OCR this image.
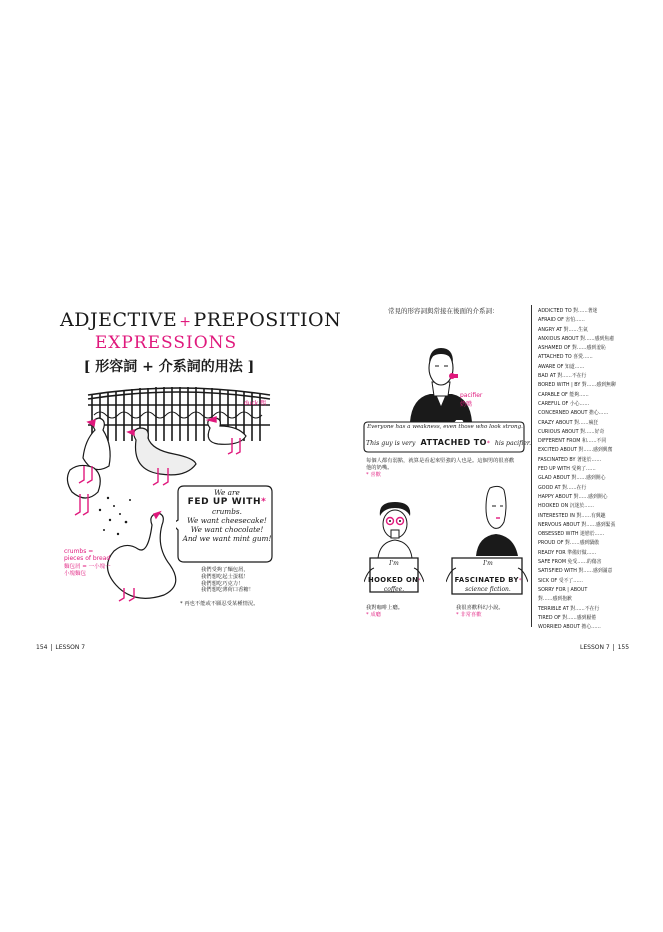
ADJECTIVE + PREPOSITION
EXPRESSIONS
[ 形容詞 + 介系詞的用法 ]
duck 鴨
crumbs = pieces of bread
麵包屑 = 一小塊一小塊麵包
We are
FED UP WITH*
crumbs.
We want cheesecake!
We want chocolate!
And we want mint gum!
我們受夠了麵包屑，
我們想吃起士蛋糕！
我們想吃巧克力！
我們想吃薄荷口香糖！
* 再也不能或不願忍受某種情況。
154 LESSON 7
常見的形容詞與常接在後面的介系詞：
pacifier 奶嘴
Everyone has a weakness, even those who look strong.
This guy is very ATTACHED TO* his pacifier.
每個人都有弱點，就算是看起來堅強的人也是。這個男的很喜歡
他的奶嘴。
* 喜歡
I'm
HOOKED ON*
coffee.
我對咖啡上癮。
* 成癮
I'm
FASCINATED BY*
science fiction.
我很喜歡科幻小說。
* 非常喜歡
ADDICTED TO 對……著迷
AFRAID OF 害怕……
ANGRY AT 對……生氣
ANXIOUS ABOUT 對……感到焦慮
ASHAMED OF 對……感到羞恥
ATTACHED TO 喜愛……
AWARE OF 知道……
BAD AT 對……不在行
BORED WITH | BY 對……感到無聊
CAPABLE OF 能夠……
CAREFUL OF 小心……
CONCERNED ABOUT 擔心……
CRAZY ABOUT 對……瘋狂
CURIOUS ABOUT 對……好奇
DIFFERENT FROM 和……不同
EXCITED ABOUT 對……感到興奮
FASCINATED BY 著迷於……
FED UP WITH 受夠了……
GLAD ABOUT 對……感到開心
GOOD AT 對……在行
HAPPY ABOUT 對……感到開心
HOOKED ON 沉迷於……
INTERESTED IN 對……有興趣
NERVOUS ABOUT 對……感到緊張
OBSESSED WITH 迷戀於……
PROUD OF 對……感到驕傲
READY FOR 準備好做……
SAFE FROM 免受……的傷害
SATISFIED WITH 對……感到滿意
SICK OF 受不了……
SORRY FOR | ABOUT
對……感到抱歉
TERRIBLE AT 對……不在行
TIRED OF 對……感到厭倦
WORRIED ABOUT 擔心……
LESSON 7 155
